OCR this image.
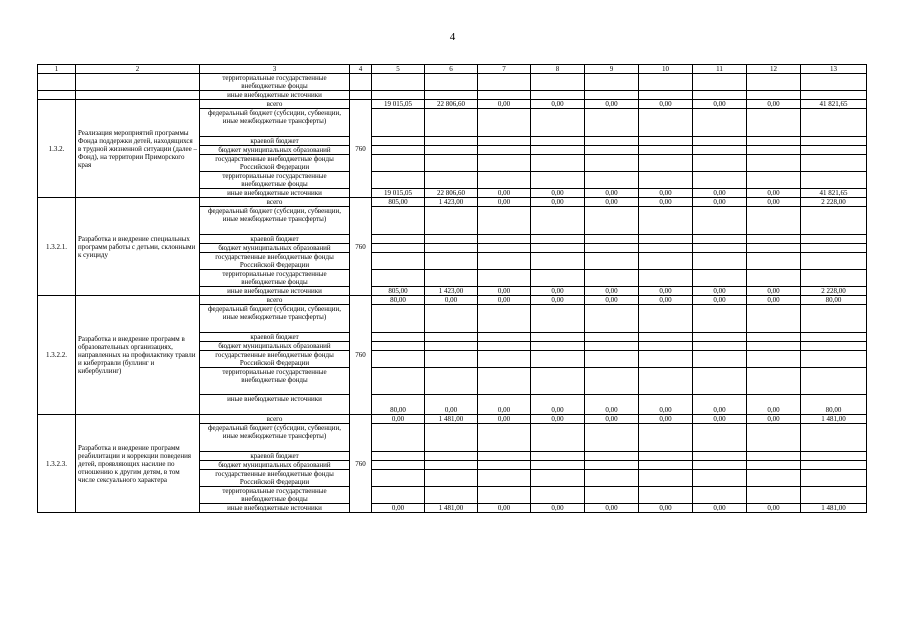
4
1	2	3	4	5	6	7	8	9	10	11	12	13
		территориальные государственные внебюджетные фонды										
		иные внебюджетные источники										
1.3.2.	Реализация мероприятий программы Фонда поддержки детей, находящихся в трудной жизненной ситуации (далее – Фонд), на территории Приморского края	всего	760	19 015,05	22 806,60	0,00	0,00	0,00	0,00	0,00	0,00	41 821,65
		федеральный бюджет (субсидии, субвенции, иные межбюджетные трансферты)										
		краевой бюджет										
		бюджет муниципальных образований										
		государственные внебюджетные фонды Российской Федерации										
		территориальные государственные внебюджетные фонды										
		иные внебюджетные источники		19 015,05	22 806,60	0,00	0,00	0,00	0,00	0,00	0,00	41 821,65
1.3.2.1.	Разработка и внедрение специальных программ работы с детьми, склонными к суициду	всего	760	805,00	1 423,00	0,00	0,00	0,00	0,00	0,00	0,00	2 228,00
		федеральный бюджет (субсидии, субвенции, иные межбюджетные трансферты)										
		краевой бюджет										
		бюджет муниципальных образований										
		государственные внебюджетные фонды Российской Федерации										
		территориальные государственные внебюджетные фонды										
		иные внебюджетные источники		805,00	1 423,00	0,00	0,00	0,00	0,00	0,00	0,00	2 228,00
1.3.2.2.	Разработка и внедрение программ в образовательных организациях, направленных на профилактику травли и кибертравли (буллинг и кибербуллинг)	всего	760	80,00	0,00	0,00	0,00	0,00	0,00	0,00	0,00	80,00
		федеральный бюджет (субсидии, субвенции, иные межбюджетные трансферты)										
		краевой бюджет										
		бюджет муниципальных образований										
		государственные внебюджетные фонды Российской Федерации										
		территориальные государственные внебюджетные фонды										
		иные внебюджетные источники		80,00	0,00	0,00	0,00	0,00	0,00	0,00	0,00	80,00
1.3.2.3.	Разработка и внедрение программ реабилитации и коррекции поведения детей, проявляющих насилие по отношению к другим детям, в том числе сексуального характера	всего	760	0,00	1 481,00	0,00	0,00	0,00	0,00	0,00	0,00	1 481,00
		федеральный бюджет (субсидии, субвенции, иные межбюджетные трансферты)										
		краевой бюджет										
		бюджет муниципальных образований										
		государственные внебюджетные фонды Российской Федерации										
		территориальные государственные внебюджетные фонды										
		иные внебюджетные источники		0,00	1 481,00	0,00	0,00	0,00	0,00	0,00	0,00	1 481,00
